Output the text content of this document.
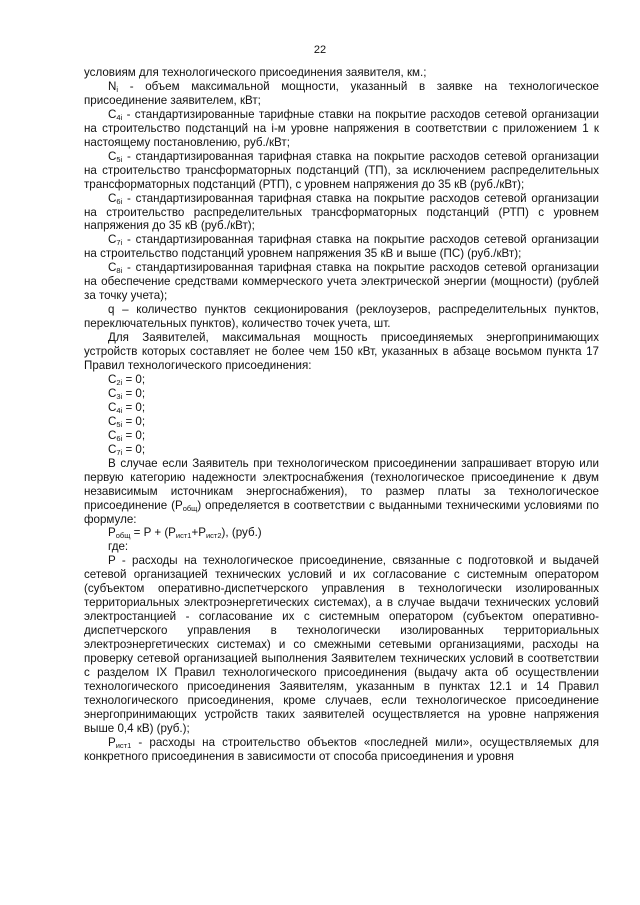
22

условиям для технологического присоединения заявителя, км.;

$N_i$ - объем максимальной мощности, указанный в заявке на технологическое присоединение заявителем, кВт;

$C_{4i}$ - стандартизированные тарифные ставки на покрытие расходов сетевой организации на строительство подстанций на i-м уровне напряжения в соответствии с приложением 1 к настоящему постановлению, руб./кВт;

$C_{5i}$ - стандартизированная тарифная ставка на покрытие расходов сетевой организации на строительство трансформаторных подстанций (ТП), за исключением распределительных трансформаторных подстанций (РТП), с уровнем напряжения до 35 кВ (руб./кВт);

$C_{6i}$ - стандартизированная тарифная ставка на покрытие расходов сетевой организации на строительство распределительных трансформаторных подстанций (РТП) с уровнем напряжения до 35 кВ (руб./кВт);

$C_{7i}$ - стандартизированная тарифная ставка на покрытие расходов сетевой организации на строительство подстанций уровнем напряжения 35 кВ и выше (ПС) (руб./кВт);

$C_{8i}$ - стандартизированная тарифная ставка на покрытие расходов сетевой организации на обеспечение средствами коммерческого учета электрической энергии (мощности) (рублей за точку учета);

q – количество пунктов секционирования (реклоузеров, распределительных пунктов, переключательных пунктов), количество точек учета, шт.

Для Заявителей, максимальная мощность присоединяемых энергопринимающих устройств которых составляет не более чем 150 кВт, указанных в абзаце восьмом пункта 17 Правил технологического присоединения:

$C_{2i} = 0$;

$C_{3i} = 0$;

$C_{4i} = 0$;

$C_{5i} = 0$;

$C_{6i} = 0$;

$C_{7i} = 0$;

В случае если Заявитель при технологическом присоединении запрашивает вторую или первую категорию надежности электроснабжения (технологическое присоединение к двум независимым источникам энергоснабжения), то размер платы за технологическое присоединение $(P_{общ})$ определяется в соответствии с выданными техническими условиями по формуле:

$P_{общ} = P + (P_{ист1}+P_{ист2})$, (руб.)

где:

P - расходы на технологическое присоединение, связанные с подготовкой и выдачей сетевой организацией технических условий и их согласование с системным оператором (субъектом оперативно-диспетчерского управления в технологически изолированных территориальных электроэнергетических системах), а в случае выдачи технических условий электростанцией - согласование их с системным оператором (субъектом оперативно-диспетчерского управления в технологически изолированных территориальных электроэнергетических системах) и со смежными сетевыми организациями, расходы на проверку сетевой организацией выполнения Заявителем технических условий в соответствии с разделом IX Правил технологического присоединения (выдачу акта об осуществлении технологического присоединения Заявителям, указанным в пунктах 12.1 и 14 Правил технологического присоединения, кроме случаев, если технологическое присоединение энергопринимающих устройств таких заявителей осуществляется на уровне напряжения выше 0,4 кВ) (руб.);

$P_{ист1}$ - расходы на строительство объектов «последней мили», осуществляемых для конкретного присоединения в зависимости от способа присоединения и уровня
